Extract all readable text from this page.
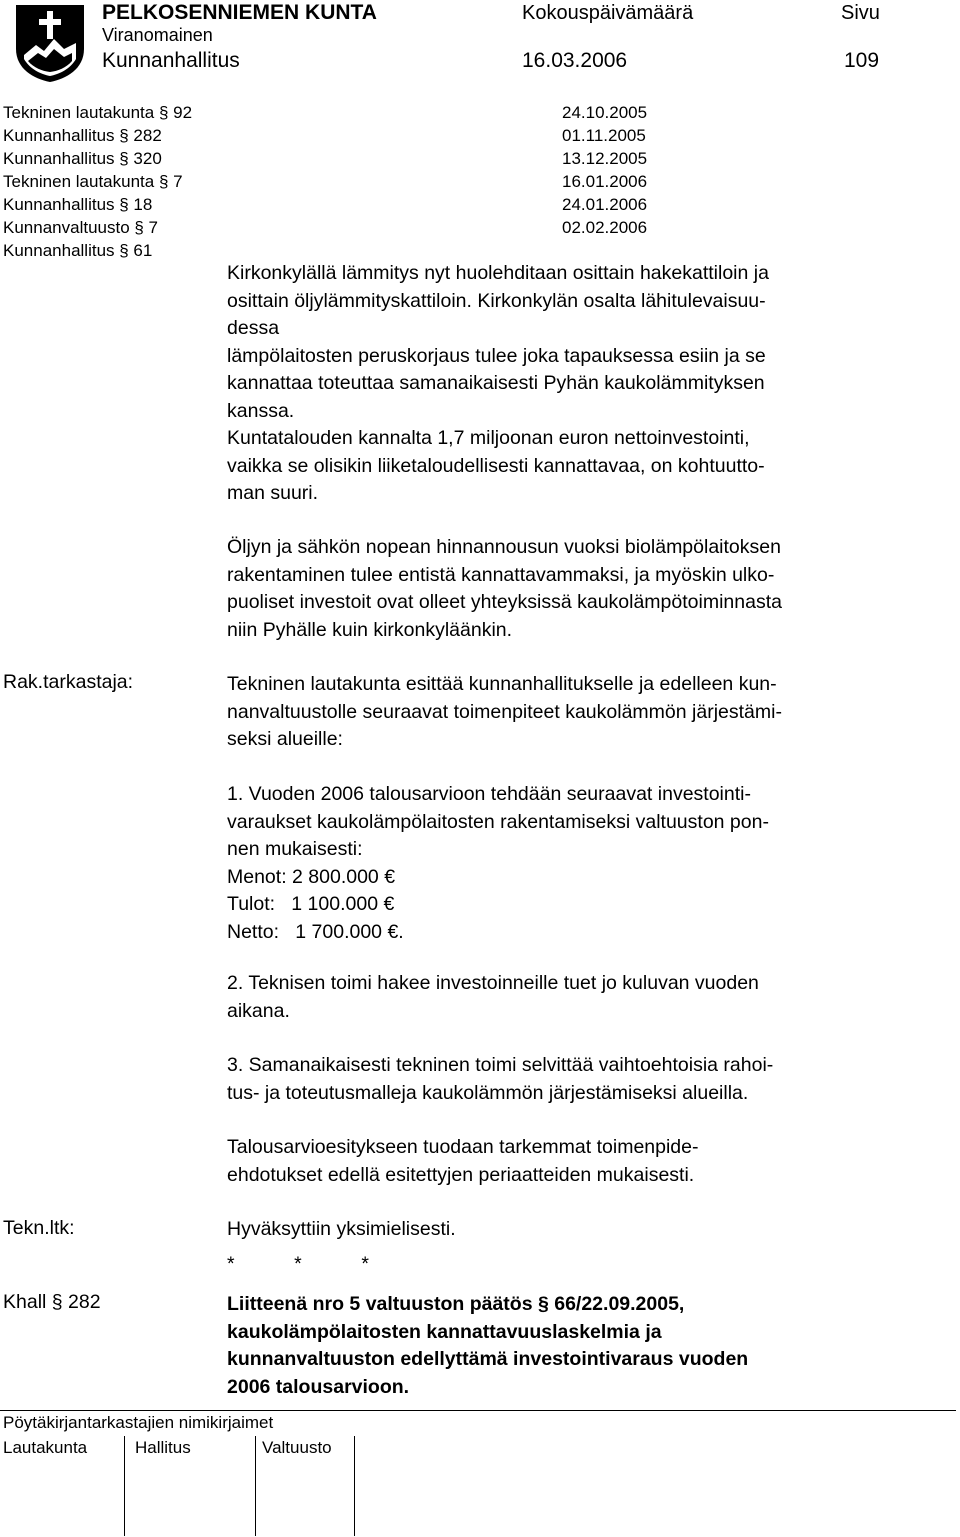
PELKOSENNIEMEN KUNTA	Kokouspäivämäärä	Sivu
Viranomainen
Kunnanhallitus	16.03.2006	109
Tekninen lautakunta § 92	24.10.2005
Kunnanhallitus § 282	01.11.2005
Kunnanhallitus § 320	13.12.2005
Tekninen lautakunta § 7	16.01.2006
Kunnanhallitus § 18	24.01.2006
Kunnanvaltuusto § 7	02.02.2006
Kunnanhallitus § 61
Kirkonkylällä lämmitys nyt huolehditaan osittain hakekattiloin ja
osittain öljylämmityskattiloin. Kirkonkylän osalta lähitulevaisuu-
dessa
lämpölaitosten peruskorjaus tulee joka tapauksessa esiin ja se
kannattaa toteuttaa samanaikaisesti Pyhän kaukolämmityksen
kanssa.
Kuntatalouden kannalta 1,7 miljoonan euron nettoinvestointi,
vaikka se olisikin liiketaloudellisesti kannattavaa, on kohtuutto-
man suuri.
Öljyn ja sähkön nopean hinnannousun vuoksi biolämpölaitoksen
rakentaminen tulee entistä kannattavammaksi, ja myöskin ulko-
puoliset investoit ovat olleet yhteyksissä kaukolämpötoiminnasta
niin Pyhälle kuin kirkonkyläänkin.
Rak.tarkastaja:	Tekninen lautakunta esittää kunnanhallitukselle ja edelleen kun-
nanvaltuustolle seuraavat toimenpiteet kaukolämmön järjestämi-
seksi alueille:
1. Vuoden 2006 talousarvioon tehdään seuraavat investointi-
varaukset kaukolämpölaitosten rakentamiseksi valtuuston pon-
nen mukaisesti:
Menot: 2 800.000 €
Tulot:   1 100.000 €
Netto:   1 700.000 €.
2. Teknisen toimi hakee investoinneille tuet jo kuluvan vuoden
aikana.
3. Samanaikaisesti tekninen toimi selvittää vaihtoehtoisia rahoi-
tus- ja toteutusmalleja kaukolämmön järjestämiseksi alueilla.
Talousarvioesitykseen tuodaan tarkemmat toimenpide-
ehdotukset edellä esitettyjen periaatteiden mukaisesti.
Tekn.ltk:	Hyväksyttiin yksimielisesti.
*           *           *
Khall § 282	Liitteenä nro 5 valtuuston päätös § 66/22.09.2005,
kaukolämpölaitosten kannattavuuslaskelmia ja
kunnanvaltuuston edellyttämä investointivaraus vuoden
2006 talousarvioon.
Pöytäkirjantarkastajien nimikirjaimet
Lautakunta	Hallitus	Valtuusto
